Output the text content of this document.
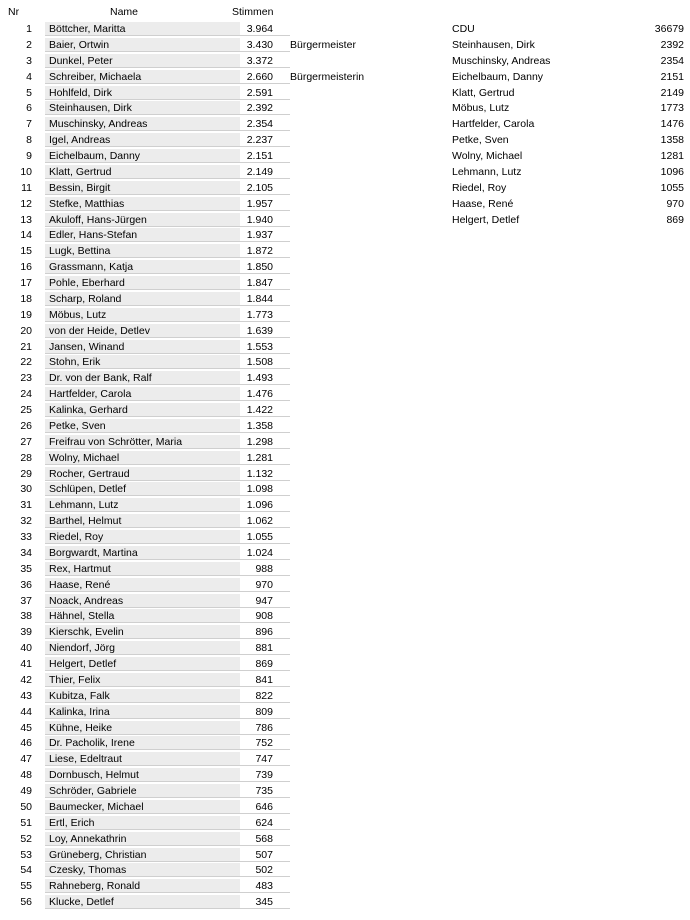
Nr	Name	Stimmen
1	Böttcher, Maritta	3.964
2	Baier, Ortwin	3.430	Bürgermeister
3	Dunkel, Peter	3.372
4	Schreiber, Michaela	2.660	Bürgermeisterin
5	Hohlfeld, Dirk	2.591
6	Steinhausen, Dirk	2.392
7	Muschinsky, Andreas	2.354
8	Igel, Andreas	2.237
9	Eichelbaum, Danny	2.151
10	Klatt, Gertrud	2.149
11	Bessin, Birgit	2.105
12	Stefke, Matthias	1.957
13	Akuloff, Hans-Jürgen	1.940
14	Edler, Hans-Stefan	1.937
15	Lugk, Bettina	1.872
16	Grassmann, Katja	1.850
17	Pohle, Eberhard	1.847
18	Scharp, Roland	1.844
19	Möbus, Lutz	1.773
20	von der Heide, Detlev	1.639
21	Jansen, Winand	1.553
22	Stohn, Erik	1.508
23	Dr. von der Bank, Ralf	1.493
24	Hartfelder, Carola	1.476
25	Kalinka, Gerhard	1.422
26	Petke, Sven	1.358
27	Freifrau von Schrötter, Maria	1.298
28	Wolny, Michael	1.281
29	Rocher, Gertraud	1.132
30	Schlüpen, Detlef	1.098
31	Lehmann, Lutz	1.096
32	Barthel, Helmut	1.062
33	Riedel, Roy	1.055
34	Borgwardt, Martina	1.024
35	Rex, Hartmut	988
36	Haase, René	970
37	Noack, Andreas	947
38	Hähnel, Stella	908
39	Kierschk, Evelin	896
40	Niendorf, Jörg	881
41	Helgert, Detlef	869
42	Thier, Felix	841
43	Kubitza, Falk	822
44	Kalinka, Irina	809
45	Kühne, Heike	786
46	Dr. Pacholik, Irene	752
47	Liese, Edeltraut	747
48	Dornbusch, Helmut	739
49	Schröder, Gabriele	735
50	Baumecker, Michael	646
51	Ertl, Erich	624
52	Loy, Annekathrin	568
53	Grüneberg, Christian	507
54	Czesky, Thomas	502
55	Rahneberg, Ronald	483
56	Klucke, Detlef	345
CDU	36679
Steinhausen, Dirk	2392
Muschinsky, Andreas	2354
Eichelbaum, Danny	2151
Klatt, Gertrud	2149
Möbus, Lutz	1773
Hartfelder, Carola	1476
Petke, Sven	1358
Wolny, Michael	1281
Lehmann, Lutz	1096
Riedel, Roy	1055
Haase, René	970
Helgert, Detlef	869
